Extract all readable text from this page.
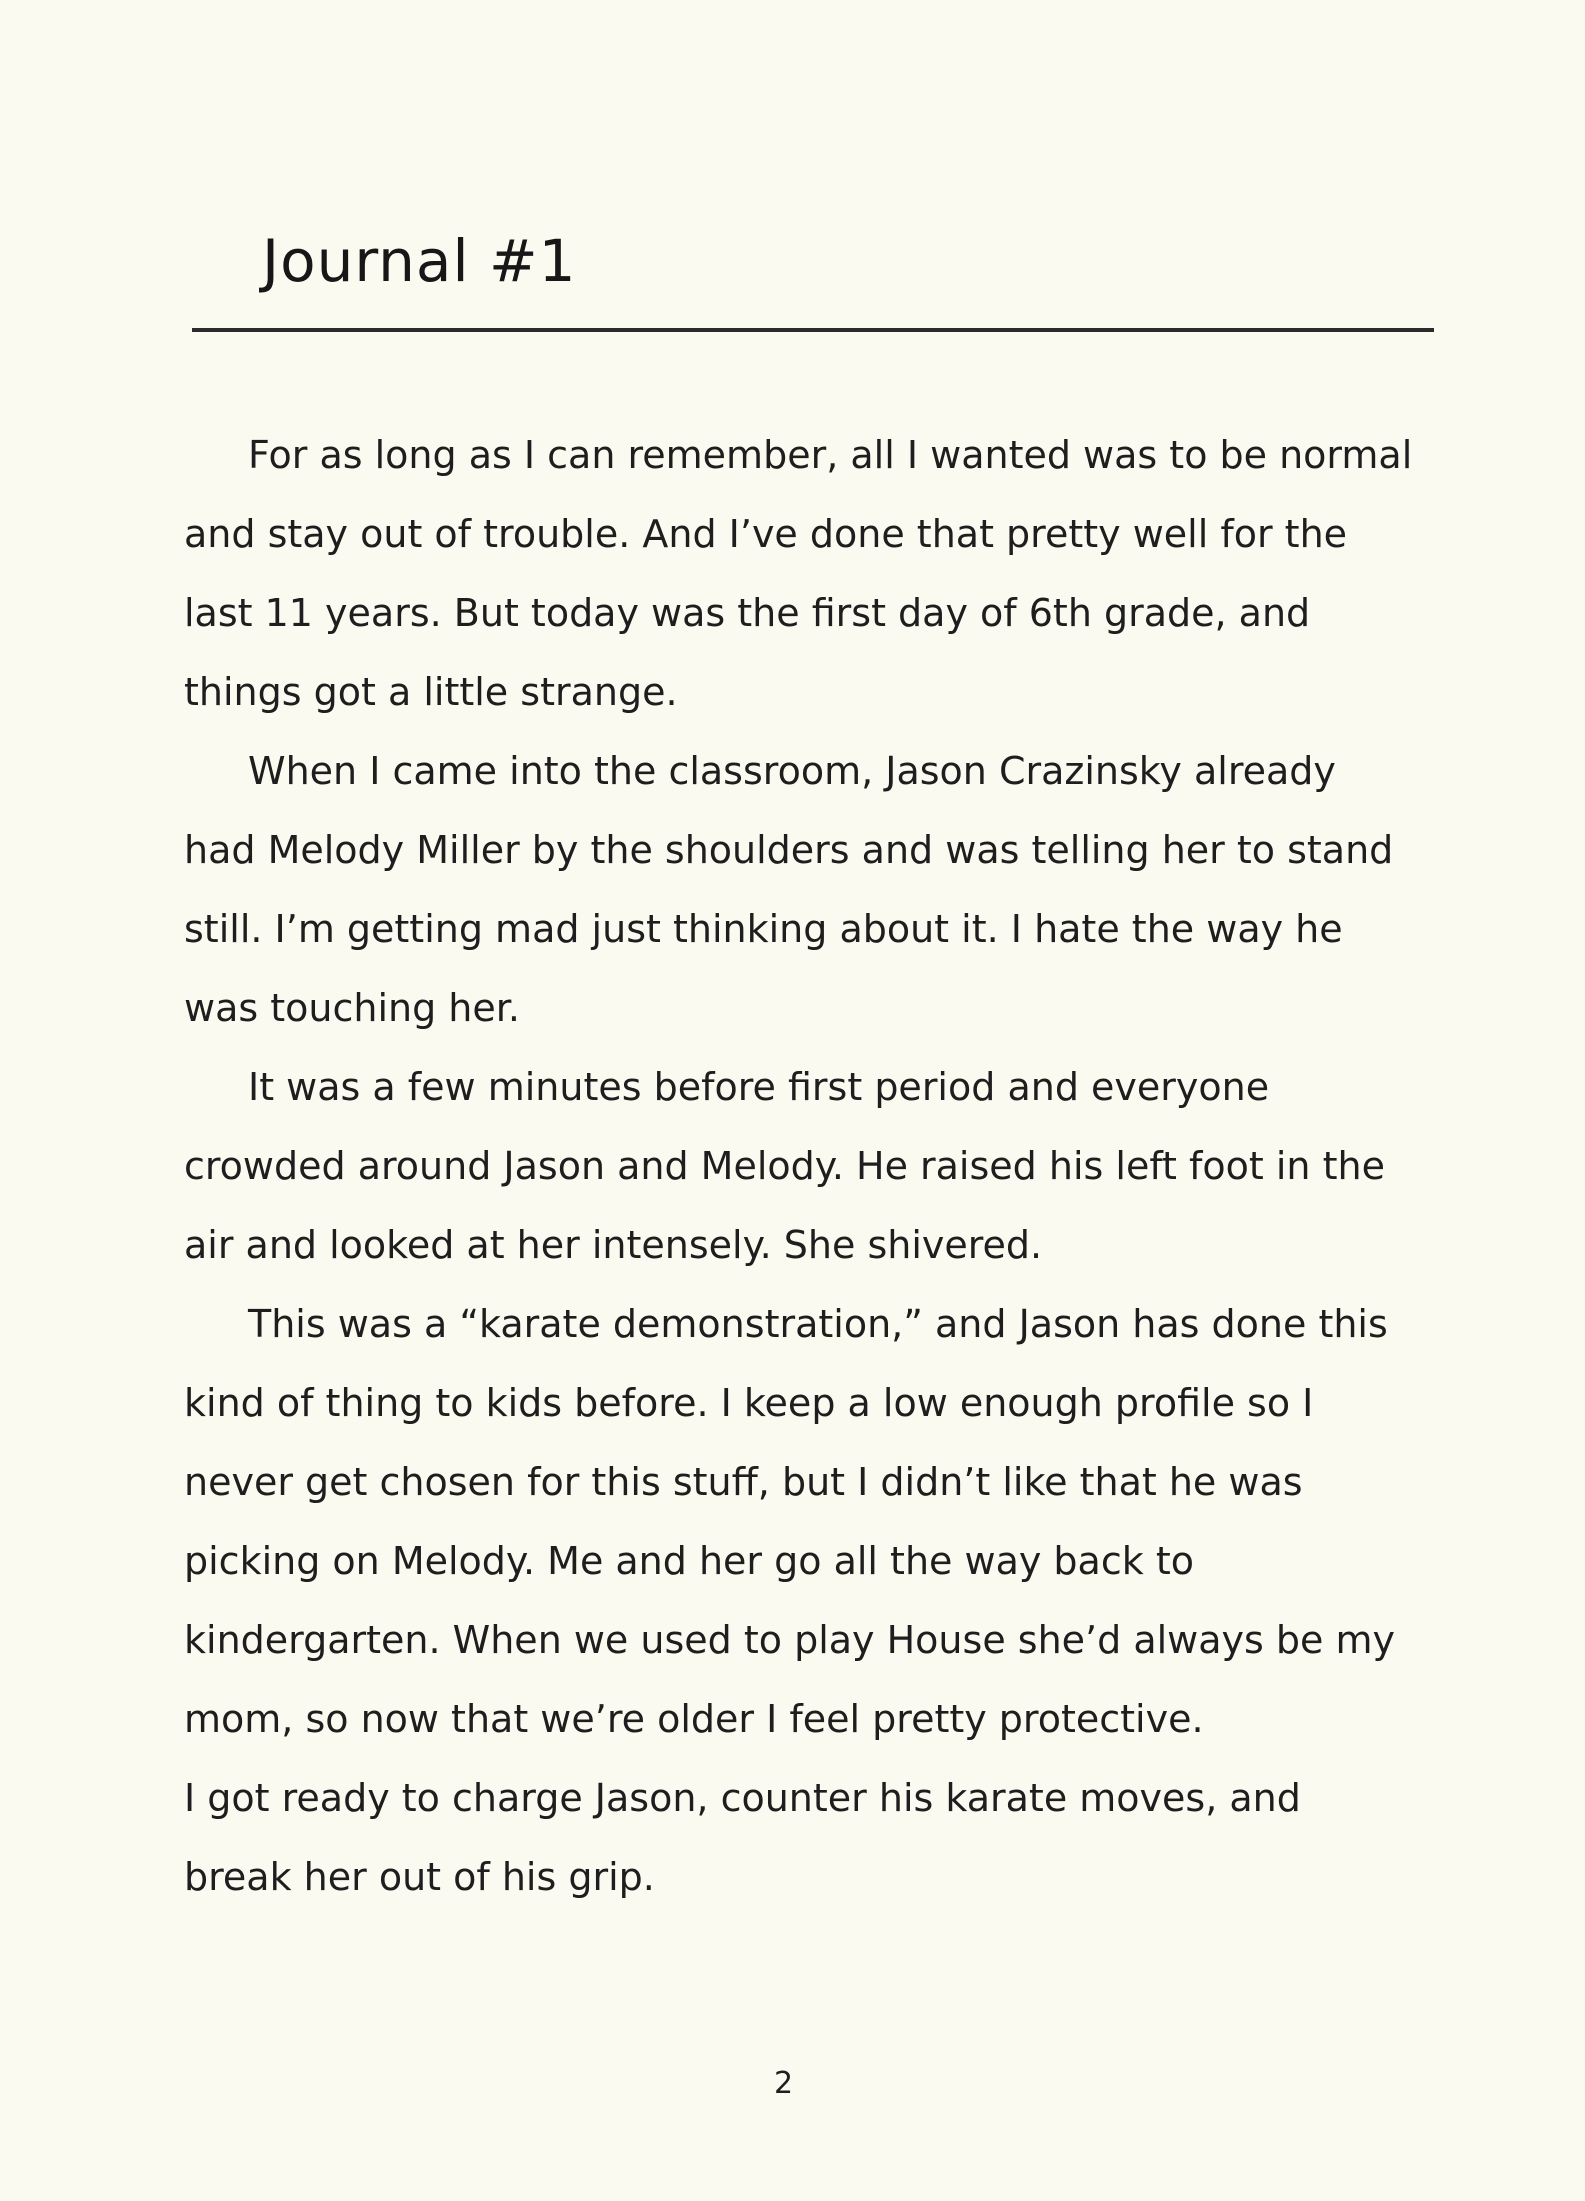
Journal #1

For as long as I can remember, all I wanted was to be normal and stay out of trouble. And I’ve done that pretty well for the last 11 years. But today was the first day of 6th grade, and things got a little strange.

When I came into the classroom, Jason Crazinsky already had Melody Miller by the shoulders and was telling her to stand still. I’m getting mad just thinking about it. I hate the way he was touching her.

It was a few minutes before first period and everyone crowded around Jason and Melody. He raised his left foot in the air and looked at her intensely. She shivered.

This was a “karate demonstration,” and Jason has done this kind of thing to kids before. I keep a low enough profile so I never get chosen for this stuff, but I didn’t like that he was picking on Melody. Me and her go all the way back to kindergarten. When we used to play House she’d always be my mom, so now that we’re older I feel pretty protective.

I got ready to charge Jason, counter his karate moves, and break her out of his grip.

2
